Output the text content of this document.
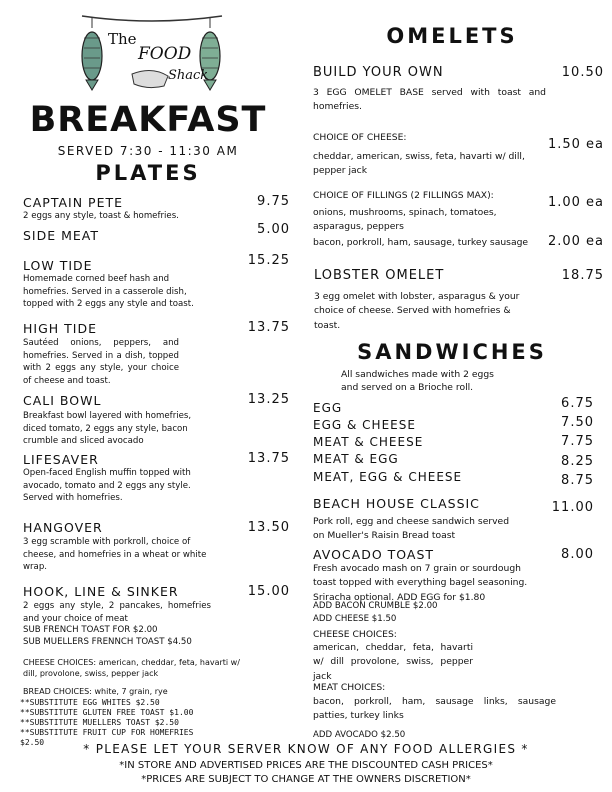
The
FOOD
Shack
BREAKFAST
SERVED 7:30 - 11:30 AM
PLATES
CAPTAIN PETE	9.75
2 eggs any style, toast & homefries.
SIDE MEAT	5.00
LOW TIDE	15.25
Homemade corned beef hash and homefries. Served in a casserole dish, topped with 2 eggs any style and toast.
HIGH TIDE	13.75
Sautéed onions, peppers, and homefries. Served in a dish, topped with 2 eggs any style, your choice of cheese and toast.
CALI BOWL	13.25
Breakfast bowl layered with homefries, diced tomato, 2 eggs any style, bacon crumble and sliced avocado
LIFESAVER	13.75
Open-faced English muffin topped with avocado, tomato and 2 eggs any style. Served with homefries.
HANGOVER	13.50
3 egg scramble with porkroll, choice of cheese, and homefries in a wheat or white wrap.
HOOK, LINE & SINKER	15.00
2 eggs any style, 2 pancakes, homefries and your choice of meat
SUB FRENCH TOAST FOR $2.00
SUB MUELLERS FRENNCH TOAST $4.50
CHEESE CHOICES: american, cheddar, feta, havarti w/ dill, provolone, swiss, pepper jack
BREAD CHOICES: white, 7 grain, rye
**SUBSTITUTE EGG WHITES $2.50
**SUBSTITUTE GLUTEN FREE TOAST $1.00
**SUBSTITUTE MUELLERS TOAST $2.50
**SUBSTITUTE FRUIT CUP FOR HOMEFRIES
$2.50
OMELETS
BUILD YOUR OWN	10.50
3 EGG OMELET BASE served with toast and homefries.
CHOICE OF CHEESE:	1.50 ea
cheddar, american, swiss, feta, havarti w/ dill, pepper jack
CHOICE OF FILLINGS (2 FILLINGS MAX):	1.00 ea
onions, mushrooms, spinach, tomatoes, asparagus, peppers
bacon, porkroll, ham, sausage, turkey sausage	2.00 ea
LOBSTER OMELET	18.75
3 egg omelet with lobster, asparagus & your choice of cheese. Served with homefries & toast.
SANDWICHES
All sandwiches made with 2 eggs
and served on a Brioche roll.
EGG	6.75
EGG & CHEESE	7.50
MEAT & CHEESE	7.75
MEAT & EGG	8.25
MEAT, EGG & CHEESE	8.75
BEACH HOUSE CLASSIC	11.00
Pork roll, egg and cheese sandwich served on Mueller's Raisin Bread toast
AVOCADO TOAST	8.00
Fresh avocado mash on 7 grain or sourdough toast topped with everything bagel seasoning. Sriracha optional. ADD EGG for $1.80
ADD BACON CRUMBLE $2.00
ADD CHEESE $1.50
CHEESE CHOICES:
american, cheddar, feta, havarti w/ dill provolone, swiss, pepper jack
MEAT CHOICES:
bacon, porkroll, ham, sausage links, sausage patties, turkey links
ADD AVOCADO $2.50
* PLEASE LET YOUR SERVER KNOW OF ANY FOOD ALLERGIES *
*IN STORE AND ADVERTISED PRICES ARE THE DISCOUNTED CASH PRICES*
*PRICES ARE SUBJECT TO CHANGE AT THE OWNERS DISCRETION*
